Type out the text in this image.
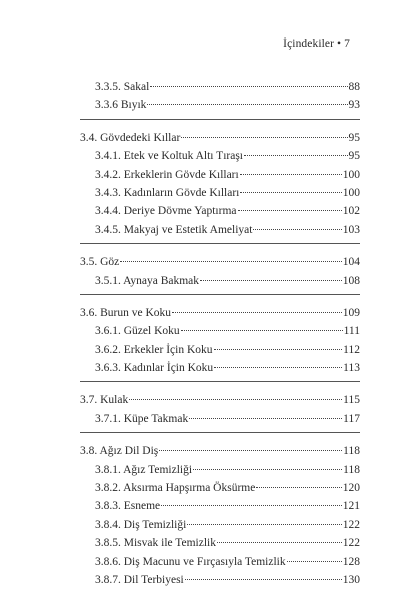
İçindekiler • 7
3.3.5. Sakal	88
3.3.6 Bıyık	93
3.4. Gövdedeki Kıllar	95
3.4.1. Etek ve Koltuk Altı Tıraşı	95
3.4.2. Erkeklerin Gövde Kılları	100
3.4.3. Kadınların Gövde Kılları	100
3.4.4. Deriye Dövme Yaptırma	102
3.4.5. Makyaj ve Estetik Ameliyat	103
3.5. Göz	104
3.5.1. Aynaya Bakmak	108
3.6. Burun ve Koku	109
3.6.1. Güzel Koku	111
3.6.2. Erkekler İçin Koku	112
3.6.3. Kadınlar İçin Koku	113
3.7. Kulak	115
3.7.1. Küpe Takmak	117
3.8. Ağız Dil Diş	118
3.8.1. Ağız Temizliği	118
3.8.2. Aksırma Hapşırma Öksürme	120
3.8.3. Esneme	121
3.8.4. Diş Temizliği	122
3.8.5. Misvak ile Temizlik	122
3.8.6. Diş Macunu ve Fırçasıyla Temizlik	128
3.8.7. Dil Terbiyesi	130
